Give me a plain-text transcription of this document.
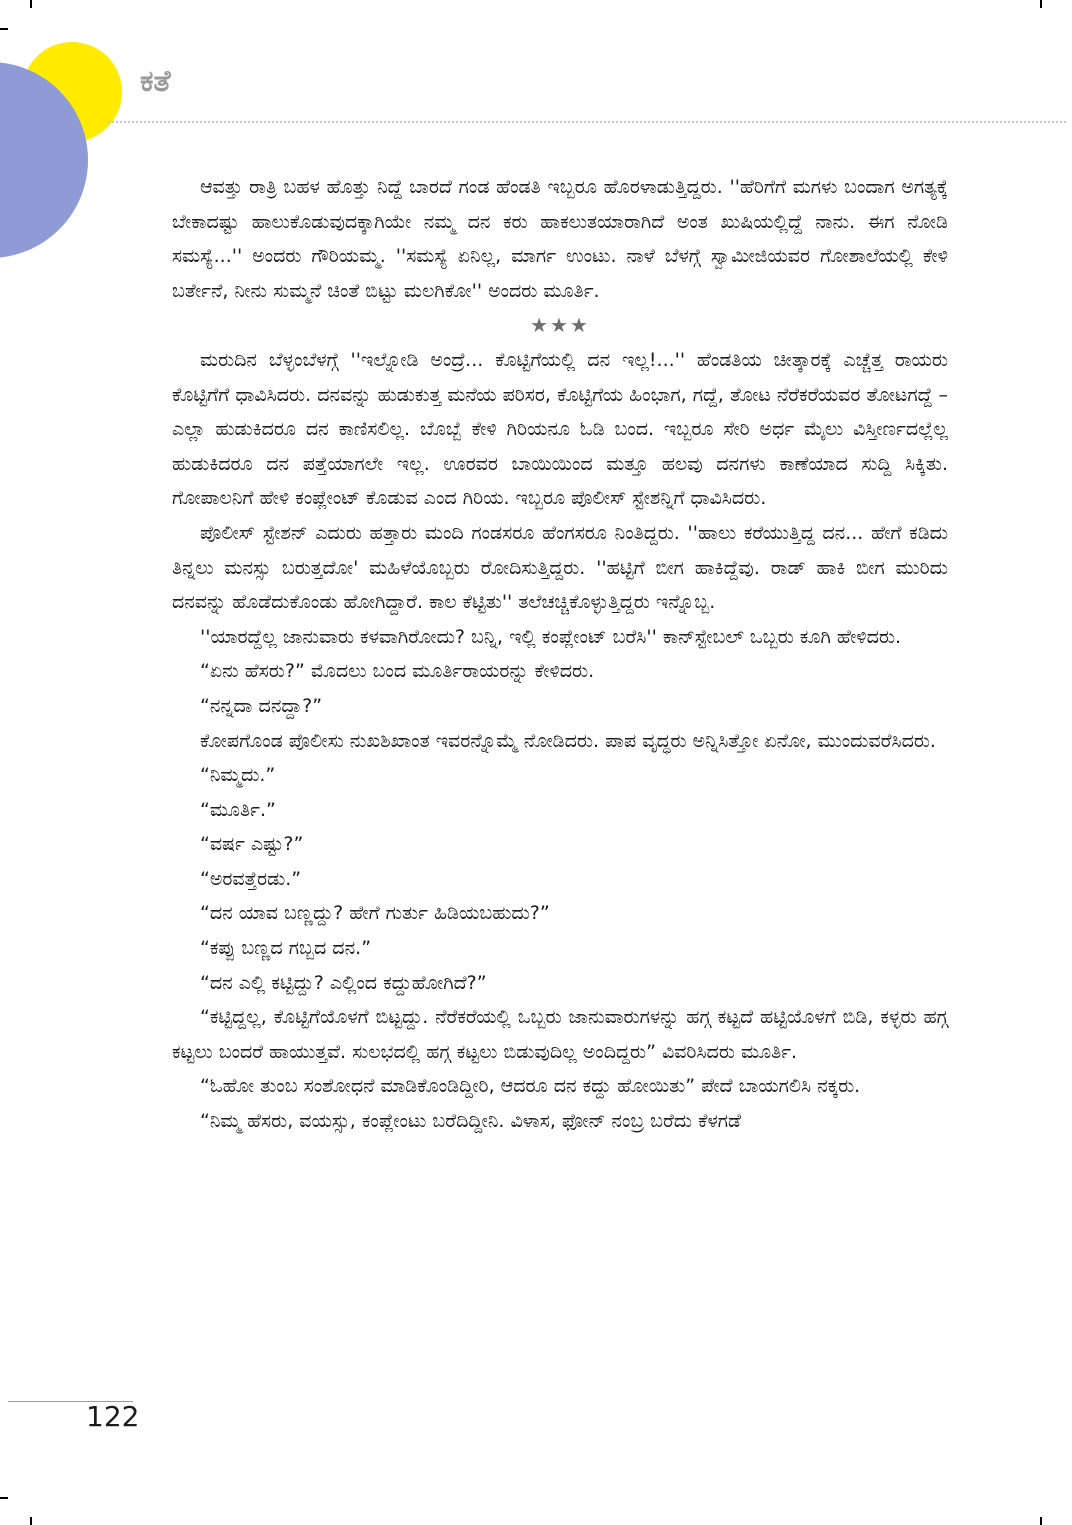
ಕತೆ

ಆವತ್ತು ರಾತ್ರಿ ಬಹಳ ಹೊತ್ತು ನಿದ್ದೆ ಬಾರದೆ ಗಂಡ ಹೆಂಡತಿ ಇಬ್ಬರೂ ಹೊರಳಾಡುತ್ತಿದ್ದರು. ''ಹೆರಿಗೆಗೆ ಮಗಳು ಬಂದಾಗ ಅಗತ್ಯಕ್ಕೆ ಬೇಕಾದಷ್ಟು ಹಾಲುಕೊಡುವುದಕ್ಕಾಗಿಯೇ ನಮ್ಮ ದನ ಕರು ಹಾಕಲುತಯಾರಾಗಿದೆ ಅಂತ ಖುಷಿಯಲ್ಲಿದ್ದೆ ನಾನು. ಈಗ ನೋಡಿ ಸಮಸ್ಯೆ...'' ಅಂದರು ಗೌರಿಯಮ್ಮ. ''ಸಮಸ್ಯೆ ಏನಿಲ್ಲ, ಮಾರ್ಗ ಉಂಟು. ನಾಳೆ ಬೆಳಗ್ಗೆ ಸ್ವಾಮೀಜಿಯವರ ಗೋಶಾಲೆಯಲ್ಲಿ ಕೇಳಿ ಬರ್ತೇನೆ, ನೀನು ಸುಮ್ಮನೆ ಚಿಂತೆ ಬಿಟ್ಟು ಮಲಗಿಕೋ'' ಅಂದರು ಮೂರ್ತಿ.

★★★

ಮರುದಿನ ಬೆಳ್ಳಂಬೆಳಗ್ಗೆ ''ಇಲ್ನೋಡಿ ಅಂದ್ರೆ... ಕೊಟ್ಟಿಗೆಯಲ್ಲಿ ದನ ಇಲ್ಲ!...'' ಹೆಂಡತಿಯ ಚೀತ್ಕಾರಕ್ಕೆ ಎಚ್ಚೆತ್ತ ರಾಯರು ಕೊಟ್ಟಿಗೆಗೆ ಧಾವಿಸಿದರು. ದನವನ್ನು ಹುಡುಕುತ್ತ ಮನೆಯ ಪರಿಸರ, ಕೊಟ್ಟಿಗೆಯ ಹಿಂಭಾಗ, ಗದ್ದೆ, ತೋಟ ನೆರೆಕರೆಯವರ ತೋಟಗದ್ದೆ – ಎಲ್ಲಾ ಹುಡುಕಿದರೂ ದನ ಕಾಣಿಸಲಿಲ್ಲ. ಬೊಬ್ಬೆ ಕೇಳಿ ಗಿರಿಯನೂ ಓಡಿ ಬಂದ. ಇಬ್ಬರೂ ಸೇರಿ ಅರ್ಧ ಮೈಲು ವಿಸ್ತೀರ್ಣದಲ್ಲೆಲ್ಲ ಹುಡುಕಿದರೂ ದನ ಪತ್ತೆಯಾಗಲೇ ಇಲ್ಲ. ಊರವರ ಬಾಯಿಯಿಂದ ಮತ್ತೂ ಹಲವು ದನಗಳು ಕಾಣೆಯಾದ ಸುದ್ದಿ ಸಿಕ್ಕಿತು. ಗೋಪಾಲನಿಗೆ ಹೇಳಿ ಕಂಪ್ಲೇಂಟ್ ಕೊಡುವ ಎಂದ ಗಿರಿಯ. ಇಬ್ಬರೂ ಪೊಲೀಸ್ ಸ್ಟೇಶನ್ನಿಗೆ ಧಾವಿಸಿದರು.

ಪೊಲೀಸ್ ಸ್ಟೇಶನ್ ಎದುರು ಹತ್ತಾರು ಮಂದಿ ಗಂಡಸರೂ ಹೆಂಗಸರೂ ನಿಂತಿದ್ದರು. ''ಹಾಲು ಕರೆಯುತ್ತಿದ್ದ ದನ... ಹೇಗೆ ಕಡಿದು ತಿನ್ನಲು ಮನಸ್ಸು ಬರುತ್ತದೋ' ಮಹಿಳೆಯೊಬ್ಬರು ರೋದಿಸುತ್ತಿದ್ದರು. ''ಹಟ್ಟಿಗೆ ಬೀಗ ಹಾಕಿದ್ದೆವು. ರಾಡ್ ಹಾಕಿ ಬೀಗ ಮುರಿದು ದನವನ್ನು ಹೊಡೆದುಕೊಂಡು ಹೋಗಿದ್ದಾರೆ. ಕಾಲ ಕೆಟ್ಟಿತು'' ತಲೆಚಚ್ಚಿಕೊಳ್ಳುತ್ತಿದ್ದರು ಇನ್ನೊಬ್ಬ.

''ಯಾರದ್ದೆಲ್ಲ ಜಾನುವಾರು ಕಳವಾಗಿರೋದು? ಬನ್ನಿ, ಇಲ್ಲಿ ಕಂಪ್ಲೇಂಟ್ ಬರೆಸಿ'' ಕಾನ್‌ಸ್ಟೇಬಲ್ ಒಬ್ಬರು ಕೂಗಿ ಹೇಳಿದರು.

“ಏನು ಹೆಸರು?” ಮೊದಲು ಬಂದ ಮೂರ್ತಿರಾಯರನ್ನು ಕೇಳಿದರು.

“ನನ್ನದಾ ದನದ್ದಾ?”

ಕೋಪಗೊಂಡ ಪೊಲೀಸು ನುಖಶಿಖಾಂತ ಇವರನ್ನೊಮ್ಮೆ ನೋಡಿದರು. ಪಾಪ ವೃದ್ಧರು ಅನ್ನಿಸಿತ್ತೋ ಏನೋ, ಮುಂದುವರೆಸಿದರು.

“ನಿಮ್ಮದು.”

“ಮೂರ್ತಿ.”

“ವರ್ಷ ಎಷ್ಟು?”

“ಅರವತ್ತೆರಡು.”

“ದನ ಯಾವ ಬಣ್ಣದ್ದು? ಹೇಗೆ ಗುರ್ತು ಹಿಡಿಯಬಹುದು?”

“ಕಪ್ಪು ಬಣ್ಣದ ಗಬ್ಬದ ದನ.”

“ದನ ಎಲ್ಲಿ ಕಟ್ಟಿದ್ದು? ಎಲ್ಲಿಂದ ಕದ್ದುಹೋಗಿದೆ?”

“ಕಟ್ಟಿದ್ದಲ್ಲ, ಕೊಟ್ಟಿಗೆಯೊಳಗೆ ಬಿಟ್ಟದ್ದು. ನೆರೆಕರೆಯಲ್ಲಿ ಒಬ್ಬರು ಜಾನುವಾರುಗಳನ್ನು ಹಗ್ಗ ಕಟ್ಟದೆ ಹಟ್ಟಿಯೊಳಗೆ ಬಿಡಿ, ಕಳ್ಳರು ಹಗ್ಗ ಕಟ್ಟಲು ಬಂದರೆ ಹಾಯುತ್ತವೆ. ಸುಲಭದಲ್ಲಿ ಹಗ್ಗ ಕಟ್ಟಲು ಬಿಡುವುದಿಲ್ಲ ಅಂದಿದ್ದರು” ವಿವರಿಸಿದರು ಮೂರ್ತಿ.

“ಓಹೋ ತುಂಬ ಸಂಶೋಧನೆ ಮಾಡಿಕೊಂಡಿದ್ದೀರಿ, ಆದರೂ ದನ ಕದ್ದು ಹೋಯಿತು” ಪೇದೆ ಬಾಯಗಲಿಸಿ ನಕ್ಕರು.

“ನಿಮ್ಮ ಹೆಸರು, ವಯಸ್ಸು, ಕಂಪ್ಲೇಂಟು ಬರೆದಿದ್ದೀನಿ. ವಿಳಾಸ, ಫೋನ್ ನಂಬ್ರ ಬರೆದು ಕೆಳಗಡೆ

122
